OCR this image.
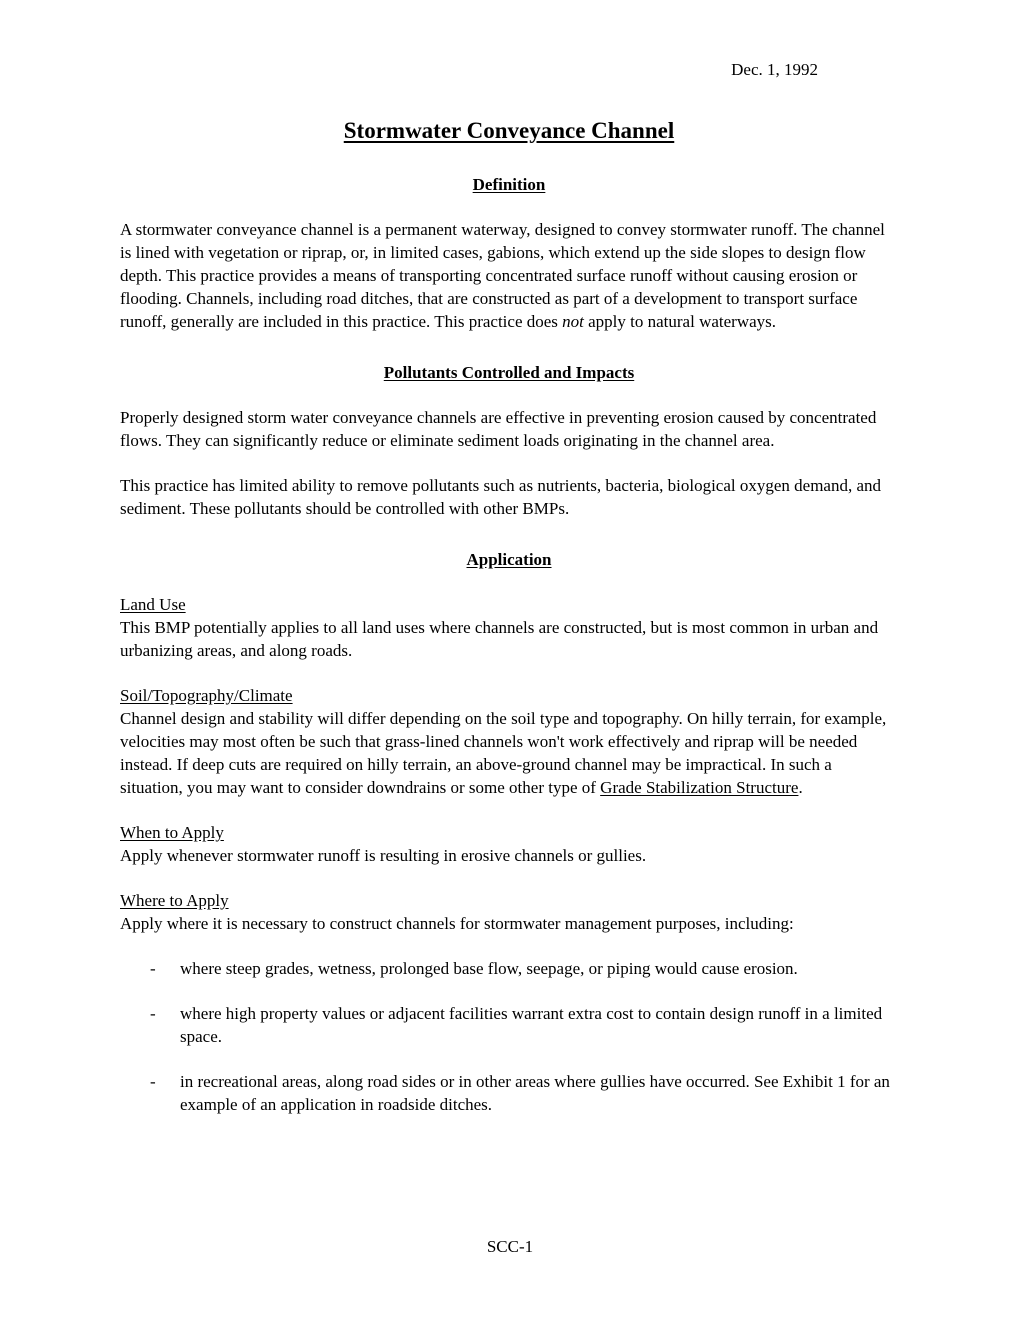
Dec. 1, 1992
Stormwater Conveyance Channel
Definition

A stormwater conveyance channel is a permanent waterway, designed to convey stormwater runoff. The channel is lined with vegetation or riprap, or, in limited cases, gabions, which extend up the side slopes to design flow depth. This practice provides a means of transporting concentrated surface runoff without causing erosion or flooding. Channels, including road ditches, that are constructed as part of a development to transport surface runoff, generally are included in this practice. This practice does not apply to natural waterways.

Pollutants Controlled and Impacts

Properly designed storm water conveyance channels are effective in preventing erosion caused by concentrated flows. They can significantly reduce or eliminate sediment loads originating in the channel area.

This practice has limited ability to remove pollutants such as nutrients, bacteria, biological oxygen demand, and sediment. These pollutants should be controlled with other BMPs.

Application
Land Use

This BMP potentially applies to all land uses where channels are constructed, but is most common in urban and urbanizing areas, and along roads.

Soil/Topography/Climate

Channel design and stability will differ depending on the soil type and topography. On hilly terrain, for example, velocities may most often be such that grass-lined channels won't work effectively and riprap will be needed instead. If deep cuts are required on hilly terrain, an above-ground channel may be impractical. In such a situation, you may want to consider downdrains or some other type of Grade Stabilization Structure.

When to Apply

Apply whenever stormwater runoff is resulting in erosive channels or gullies.

Where to Apply

Apply where it is necessary to construct channels for stormwater management purposes, including:

-	where steep grades, wetness, prolonged base flow, seepage, or piping would cause erosion.
-	where high property values or adjacent facilities warrant extra cost to contain design runoff in a limited space.
-	in recreational areas, along road sides or in other areas where gullies have occurred. See Exhibit 1 for an example of an application in roadside ditches.
SCC-1
